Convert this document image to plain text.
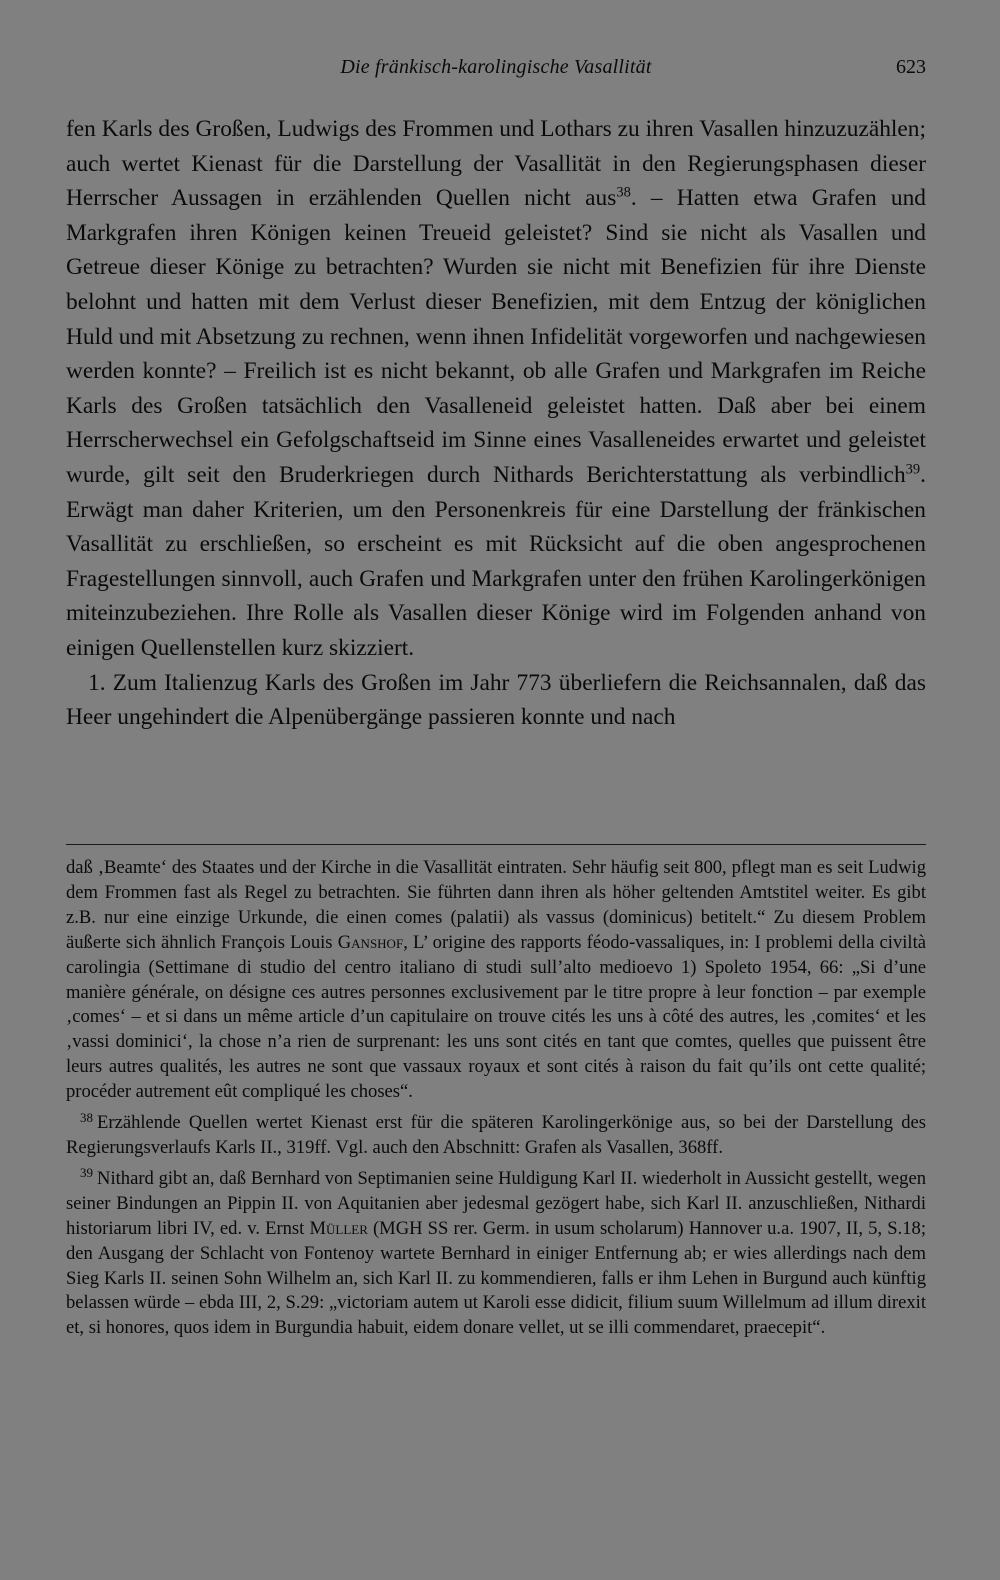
Die fränkisch-karolingische Vasallität	623

fen Karls des Großen, Ludwigs des Frommen und Lothars zu ihren Vasallen hinzuzuzählen; auch wertet Kienast für die Darstellung der Vasallität in den Regierungsphasen dieser Herrscher Aussagen in erzählenden Quellen nicht aus$^{38}$. – Hatten etwa Grafen und Markgrafen ihren Königen keinen Treueid geleistet? Sind sie nicht als Vasallen und Getreue dieser Könige zu betrachten? Wurden sie nicht mit Benefizien für ihre Dienste belohnt und hatten mit dem Verlust dieser Benefizien, mit dem Entzug der königlichen Huld und mit Absetzung zu rechnen, wenn ihnen Infidelität vorgeworfen und nachgewiesen werden konnte? – Freilich ist es nicht bekannt, ob alle Grafen und Markgrafen im Reiche Karls des Großen tatsächlich den Vasalleneid geleistet hatten. Daß aber bei einem Herrscherwechsel ein Gefolgschaftseid im Sinne eines Vasalleneides erwartet und geleistet wurde, gilt seit den Bruderkriegen durch Nithards Berichterstattung als verbindlich$^{39}$. Erwägt man daher Kriterien, um den Personenkreis für eine Darstellung der fränkischen Vasallität zu erschließen, so erscheint es mit Rücksicht auf die oben angesprochenen Fragestellungen sinnvoll, auch Grafen und Markgrafen unter den frühen Karolingerkönigen miteinzubeziehen. Ihre Rolle als Vasallen dieser Könige wird im Folgenden anhand von einigen Quellenstellen kurz skizziert.

1. Zum Italienzug Karls des Großen im Jahr 773 überliefern die Reichsannalen, daß das Heer ungehindert die Alpenübergänge passieren konnte und nach

daß ‚Beamte‘ des Staates und der Kirche in die Vasallität eintraten. Sehr häufig seit 800, pflegt man es seit Ludwig dem Frommen fast als Regel zu betrachten. Sie führten dann ihren als höher geltenden Amtstitel weiter. Es gibt z.B. nur eine einzige Urkunde, die einen comes (palatii) als vassus (dominicus) betitelt.“ Zu diesem Problem äußerte sich ähnlich François Louis Ganshof, L’ origine des rapports féodo-vassaliques, in: I problemi della civiltà carolingia (Settimane di studio del centro italiano di studi sull’alto medioevo 1) Spoleto 1954, 66: „Si d’une manière générale, on désigne ces autres personnes exclusivement par le titre propre à leur fonction – par exemple ‚comes‘ – et si dans un même article d’un capitulaire on trouve cités les uns à côté des autres, les ‚comites‘ et les ‚vassi dominici‘, la chose n’a rien de surprenant: les uns sont cités en tant que comtes, quelles que puissent être leurs autres qualités, les autres ne sont que vassaux royaux et sont cités à raison du fait qu’ils ont cette qualité; procéder autrement eût compliqué les choses“.

$^{38}$ Erzählende Quellen wertet Kienast erst für die späteren Karolingerkönige aus, so bei der Darstellung des Regierungsverlaufs Karls II., 319ff. Vgl. auch den Abschnitt: Grafen als Vasallen, 368ff.

$^{39}$ Nithard gibt an, daß Bernhard von Septimanien seine Huldigung Karl II. wiederholt in Aussicht gestellt, wegen seiner Bindungen an Pippin II. von Aquitanien aber jedesmal gezögert habe, sich Karl II. anzuschließen, Nithardi historiarum libri IV, ed. v. Ernst Müller (MGH SS rer. Germ. in usum scholarum) Hannover u.a. 1907, II, 5, S.18; den Ausgang der Schlacht von Fontenoy wartete Bernhard in einiger Entfernung ab; er wies allerdings nach dem Sieg Karls II. seinen Sohn Wilhelm an, sich Karl II. zu kommendieren, falls er ihm Lehen in Burgund auch künftig belassen würde – ebda III, 2, S.29: „victoriam autem ut Karoli esse didicit, filium suum Willelmum ad illum direxit et, si honores, quos idem in Burgundia habuit, eidem donare vellet, ut se illi commendaret, praecepit“.
